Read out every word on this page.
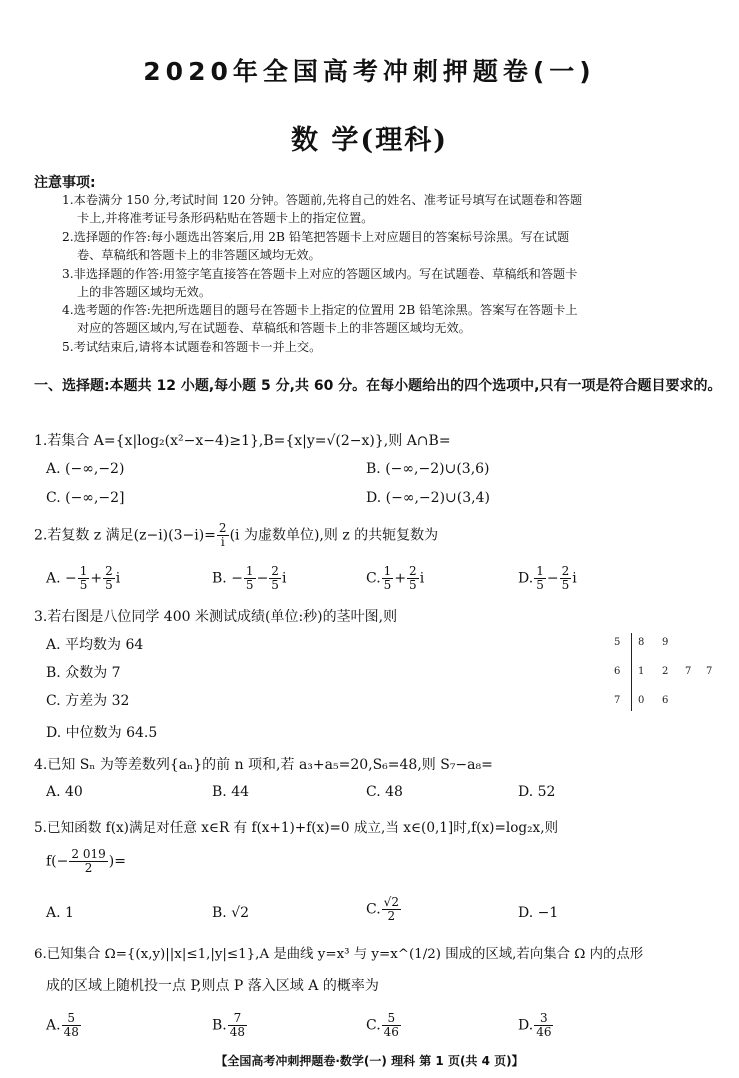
2020年全国高考冲刺押题卷(一)
数 学(理科)
注意事项:
1.本卷满分 150 分,考试时间 120 分钟。答题前,先将自己的姓名、准考证号填写在试题卷和答题
卡上,并将准考证号条形码粘贴在答题卡上的指定位置。
2.选择题的作答:每小题选出答案后,用 2B 铅笔把答题卡上对应题目的答案标号涂黑。写在试题
卷、草稿纸和答题卡上的非答题区域均无效。
3.非选择题的作答:用签字笔直接答在答题卡上对应的答题区域内。写在试题卷、草稿纸和答题卡
上的非答题区域均无效。
4.选考题的作答:先把所选题目的题号在答题卡上指定的位置用 2B 铅笔涂黑。答案写在答题卡上
对应的答题区域内,写在试题卷、草稿纸和答题卡上的非答题区域均无效。
5.考试结束后,请将本试题卷和答题卡一并上交。
一、选择题:本题共 12 小题,每小题 5 分,共 60 分。在每小题给出的四个选项中,只有一项是符合题目要求的。
1.若集合 A={x|log₂(x²−x−4)≥1},B={x|y=√(2−x)},则 A∩B=
A. (−∞,−2)	B. (−∞,−2)∪(3,6)
C. (−∞,−2]	D. (−∞,−2)∪(3,4)
2.若复数 z 满足$(z-i)(3-i)= \frac{2}{i} (i$ 为虚数单位),则 z 的共轭复数为
A. − $\frac{1}{5} + \frac{2}{5}$ i	B. − $\frac{1}{5} - \frac{2}{5}$ i	C. $\frac{1}{5} + \frac{2}{5}$ i	D. $\frac{1}{5} - \frac{2}{5}$ i
3.若右图是八位同学 400 米测试成绩(单位:秒)的茎叶图,则
A. 平均数为 64
B. 众数为 7
C. 方差为 32
D. 中位数为 64.5
5 8 9
6 1 2 7 7
7 0 6
4.已知 Sₙ 为等差数列{aₙ}的前 n 项和,若 a₃+a₅=20,S₆=48,则 S₇−a₈=
A. 40	B. 44	C. 48	D. 52
5.已知函数 f(x)满足对任意 x∈R 有 f(x+1)+f(x)=0 成立,当 x∈(0,1]时,f(x)=log₂x,则
$f(- \frac{2 019}{2}$ )=
A. 1	B. √2	C. $\frac{√2}{2}$	D. −1
6.已知集合 Ω={(x,y)||x|≤1,|y|≤1},A 是曲线 y=x³ 与 y=x^(1/2) 围成的区域,若向集合 Ω 内的点形
成的区域上随机投一点 P,则点 P 落入区域 A 的概率为
A. $\frac{5}{48}$	B. $\frac{7}{48}$	C. $\frac{5}{46}$	D. $\frac{3}{46}$
【全国高考冲刺押题卷·数学(一) 理科 第 1 页(共 4 页)】
